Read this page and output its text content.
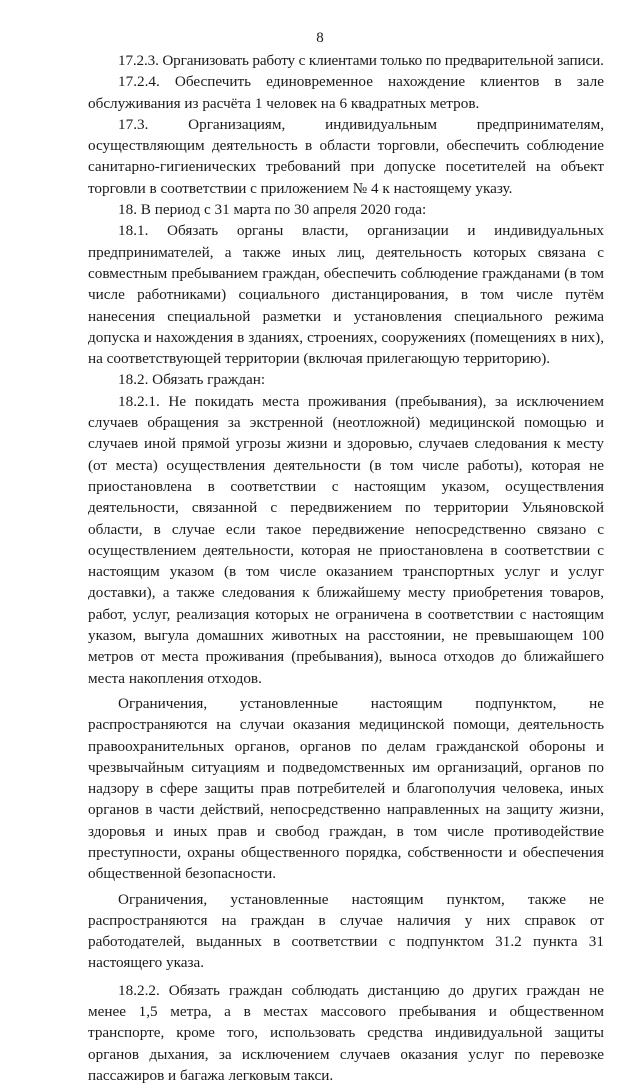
8

17.2.3. Организовать работу с клиентами только по предварительной записи.

17.2.4. Обеспечить единовременное нахождение клиентов в зале обслуживания из расчёта 1 человек на 6 квадратных метров.

17.3. Организациям, индивидуальным предпринимателям, осуществляющим деятельность в области торговли, обеспечить соблюдение санитарно-гигиенических требований при допуске посетителей на объект торговли в соответствии с приложением № 4 к настоящему указу.

18. В период с 31 марта по 30 апреля 2020 года:

18.1. Обязать органы власти, организации и индивидуальных предпринимателей, а также иных лиц, деятельность которых связана с совместным пребыванием граждан, обеспечить соблюдение гражданами (в том числе работниками) социального дистанцирования, в том числе путём нанесения специальной разметки и установления специального режима допуска и нахождения в зданиях, строениях, сооружениях (помещениях в них), на соответствующей территории (включая прилегающую территорию).

18.2. Обязать граждан:

18.2.1. Не покидать места проживания (пребывания), за исключением случаев обращения за экстренной (неотложной) медицинской помощью и случаев иной прямой угрозы жизни и здоровью, случаев следования к месту (от места) осуществления деятельности (в том числе работы), которая не приостановлена в соответствии с настоящим указом, осуществления деятельности, связанной с передвижением по территории Ульяновской области, в случае если такое передвижение непосредственно связано с осуществлением деятельности, которая не приостановлена в соответствии с настоящим указом (в том числе оказанием транспортных услуг и услуг доставки), а также следования к ближайшему месту приобретения товаров, работ, услуг, реализация которых не ограничена в соответствии с настоящим указом, выгула домашних животных на расстоянии, не превышающем 100 метров от места проживания (пребывания), выноса отходов до ближайшего места накопления отходов.

Ограничения, установленные настоящим подпунктом, не распространяются на случаи оказания медицинской помощи, деятельность правоохранительных органов, органов по делам гражданской обороны и чрезвычайным ситуациям и подведомственных им организаций, органов по надзору в сфере защиты прав потребителей и благополучия человека, иных органов в части действий, непосредственно направленных на защиту жизни, здоровья и иных прав и свобод граждан, в том числе противодействие преступности, охраны общественного порядка, собственности и обеспечения общественной безопасности.

Ограничения, установленные настоящим пунктом, также не распространяются на граждан в случае наличия у них справок от работодателей, выданных в соответствии с подпунктом 31.2 пункта 31 настоящего указа.

18.2.2. Обязать граждан соблюдать дистанцию до других граждан не менее 1,5 метра, а в местах массового пребывания и общественном транспорте, кроме того, использовать средства индивидуальной защиты органов дыхания, за исключением случаев оказания услуг по перевозке пассажиров и багажа легковым такси.
